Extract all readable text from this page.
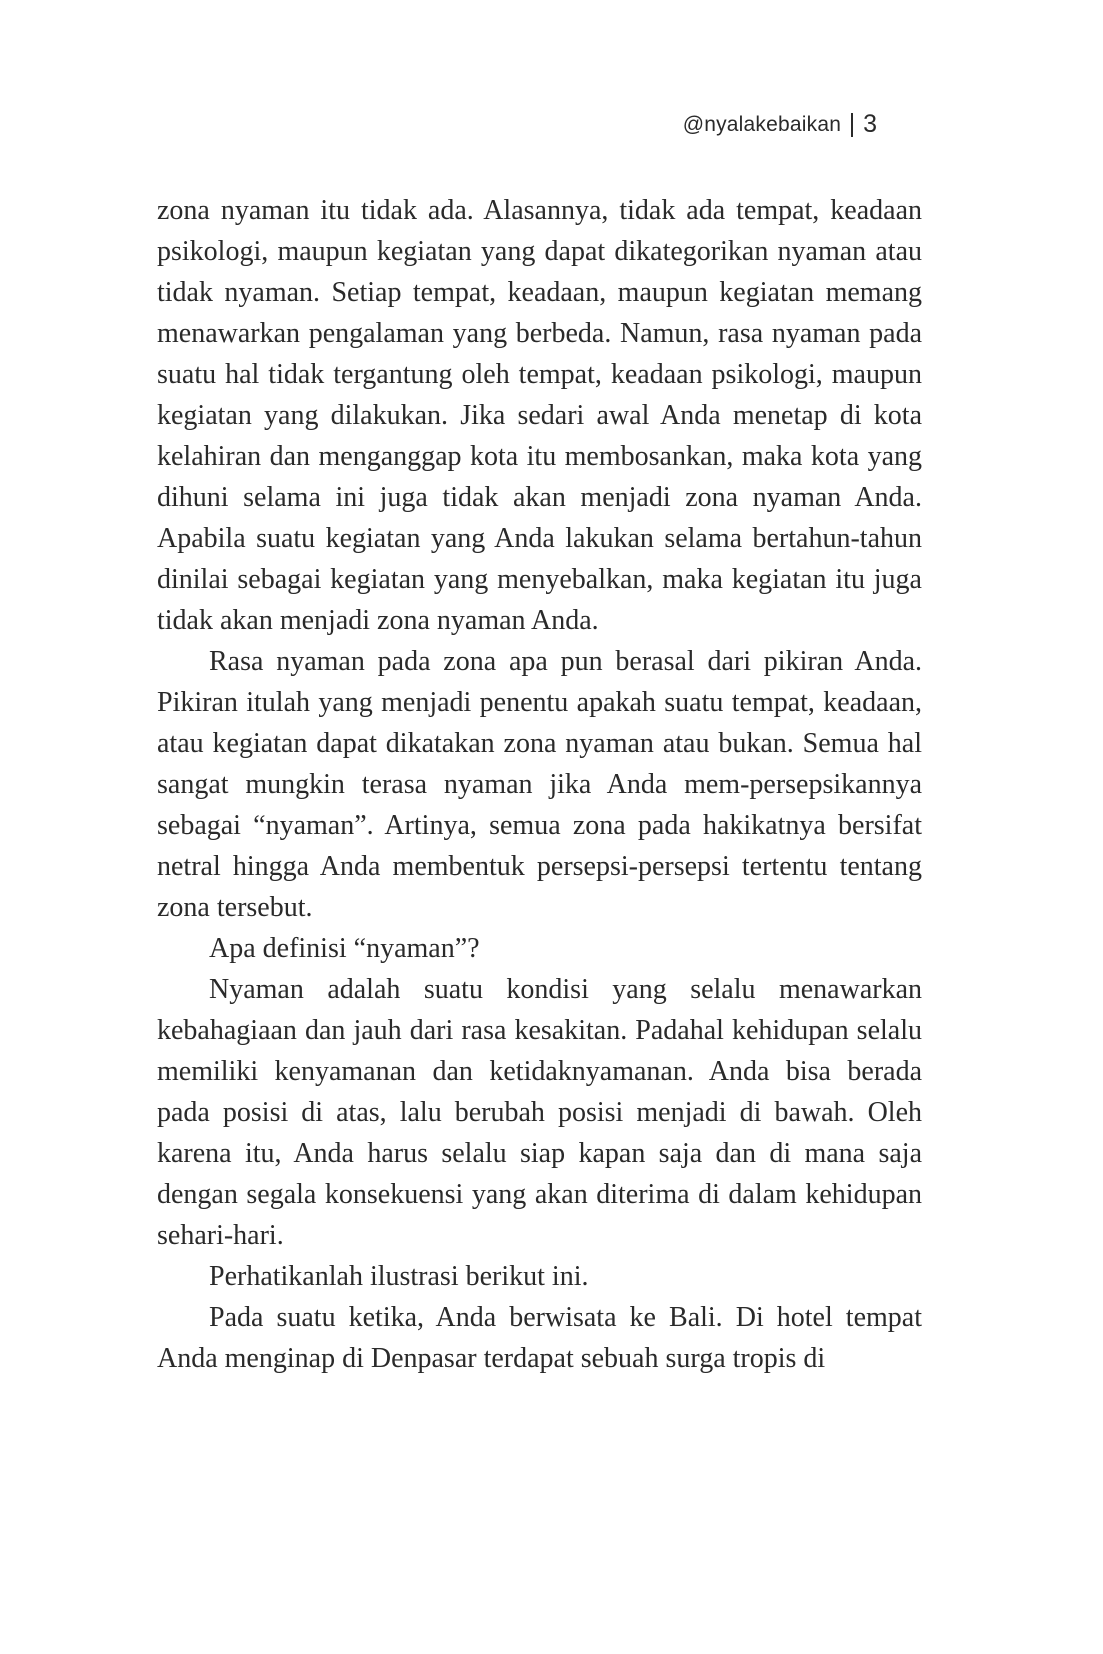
@nyalakebaikan 3

zona nyaman itu tidak ada. Alasannya, tidak ada tempat, keadaan psikologi, maupun kegiatan yang dapat dikategorikan nyaman atau tidak nyaman. Setiap tempat, keadaan, maupun kegiatan memang menawarkan pengalaman yang berbeda. Namun, rasa nyaman pada suatu hal tidak tergantung oleh tempat, keadaan psikologi, maupun kegiatan yang dilakukan. Jika sedari awal Anda menetap di kota kelahiran dan menganggap kota itu membosankan, maka kota yang dihuni selama ini juga tidak akan menjadi zona nyaman Anda. Apabila suatu kegiatan yang Anda lakukan selama bertahun-tahun dinilai sebagai kegiatan yang menyebalkan, maka kegiatan itu juga tidak akan menjadi zona nyaman Anda.

Rasa nyaman pada zona apa pun berasal dari pikiran Anda. Pikiran itulah yang menjadi penentu apakah suatu tempat, keadaan, atau kegiatan dapat dikatakan zona nyaman atau bukan. Semua hal sangat mungkin terasa nyaman jika Anda mem-persepsikannya sebagai “nyaman”. Artinya, semua zona pada hakikatnya bersifat netral hingga Anda membentuk persepsi-persepsi tertentu tentang zona tersebut.

Apa definisi “nyaman”?

Nyaman adalah suatu kondisi yang selalu menawarkan kebahagiaan dan jauh dari rasa kesakitan. Padahal kehidupan selalu memiliki kenyamanan dan ketidaknyamanan. Anda bisa berada pada posisi di atas, lalu berubah posisi menjadi di bawah. Oleh karena itu, Anda harus selalu siap kapan saja dan di mana saja dengan segala konsekuensi yang akan diterima di dalam kehidupan sehari-hari.

Perhatikanlah ilustrasi berikut ini.

Pada suatu ketika, Anda berwisata ke Bali. Di hotel tempat Anda menginap di Denpasar terdapat sebuah surga tropis di
